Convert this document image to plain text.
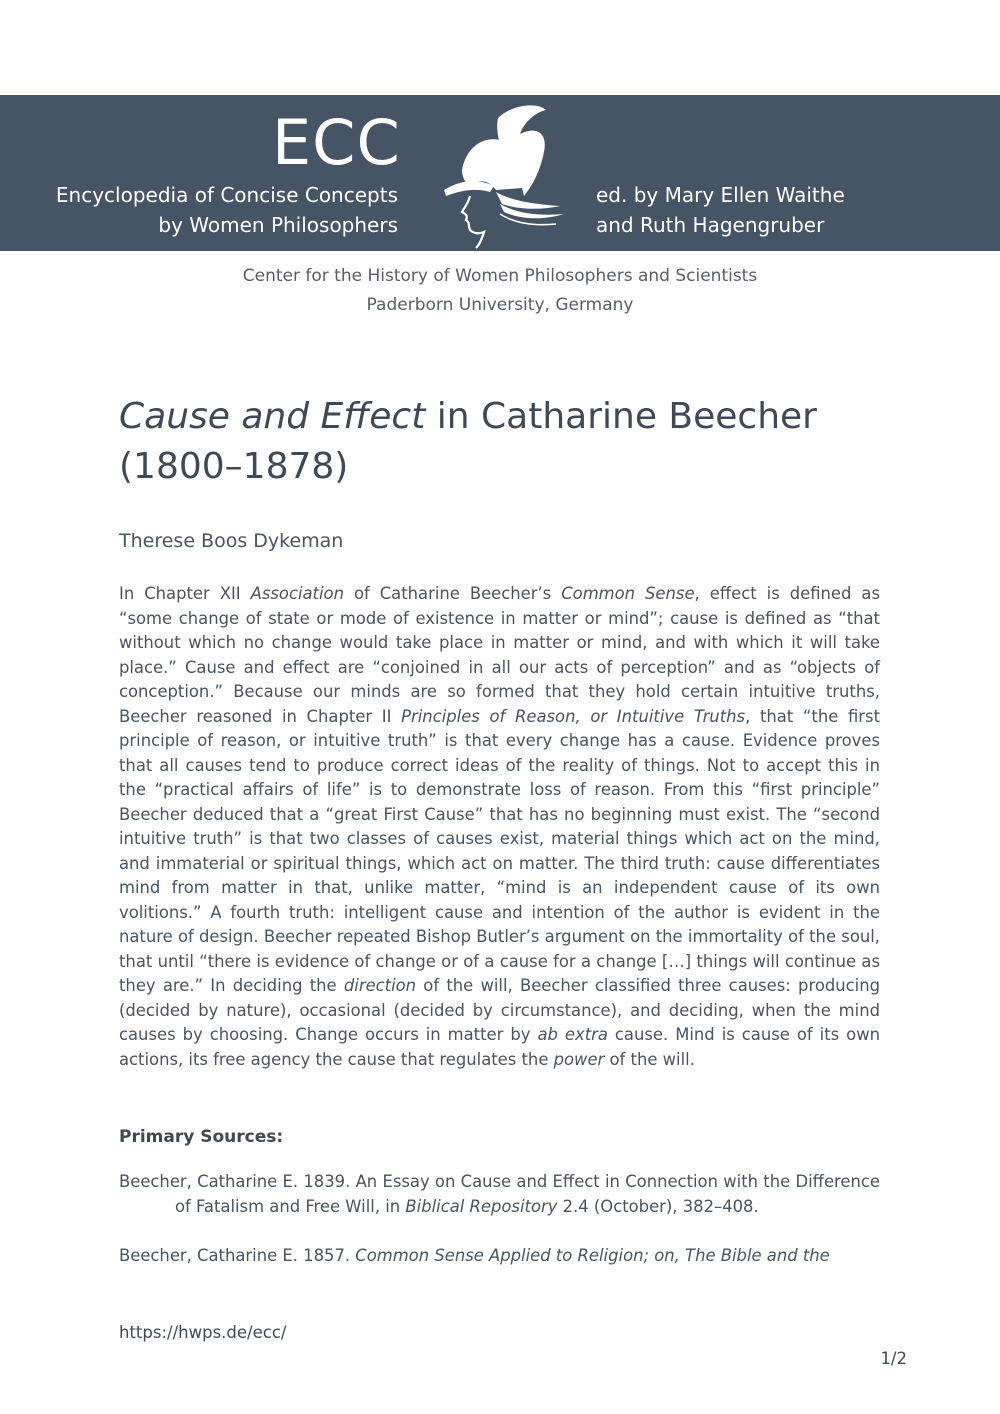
ECC
Encyclopedia of Concise Concepts
by Women Philosophers
ed. by Mary Ellen Waithe
and Ruth Hagengruber
Center for the History of Women Philosophers and Scientists
Paderborn University, Germany
Cause and Effect in Catharine Beecher (1800–1878)
Therese Boos Dykeman

In Chapter XII Association of Catharine Beecher’s Common Sense, effect is defined as “some change of state or mode of existence in matter or mind”; cause is defined as “that without which no change would take place in matter or mind, and with which it will take place.” Cause and effect are “conjoined in all our acts of perception” and as “objects of conception.” Because our minds are so formed that they hold certain intuitive truths, Beecher reasoned in Chapter II Principles of Reason, or Intuitive Truths, that “the first principle of reason, or intuitive truth” is that every change has a cause. Evidence proves that all causes tend to produce correct ideas of the reality of things. Not to accept this in the “practical affairs of life” is to demonstrate loss of reason. From this “first principle” Beecher deduced that a “great First Cause” that has no beginning must exist. The “second intuitive truth” is that two classes of causes exist, material things which act on the mind, and immaterial or spiritual things, which act on matter. The third truth: cause differentiates mind from matter in that, unlike matter, “mind is an independent cause of its own volitions.” A fourth truth: intelligent cause and intention of the author is evident in the nature of design. Beecher repeated Bishop Butler’s argument on the immortality of the soul, that until “there is evidence of change or of a cause for a change […] things will continue as they are.” In deciding the direction of the will, Beecher classified three causes: producing (decided by nature), occasional (decided by circumstance), and deciding, when the mind causes by choosing. Change occurs in matter by ab extra cause. Mind is cause of its own actions, its free agency the cause that regulates the power of the will.

Primary Sources:

Beecher, Catharine E. 1839. An Essay on Cause and Effect in Connection with the Difference of Fatalism and Free Will, in Biblical Repository 2.4 (October), 382–408.

Beecher, Catharine E. 1857. Common Sense Applied to Religion; on, The Bible and the

https://hwps.de/ecc/
1/2
